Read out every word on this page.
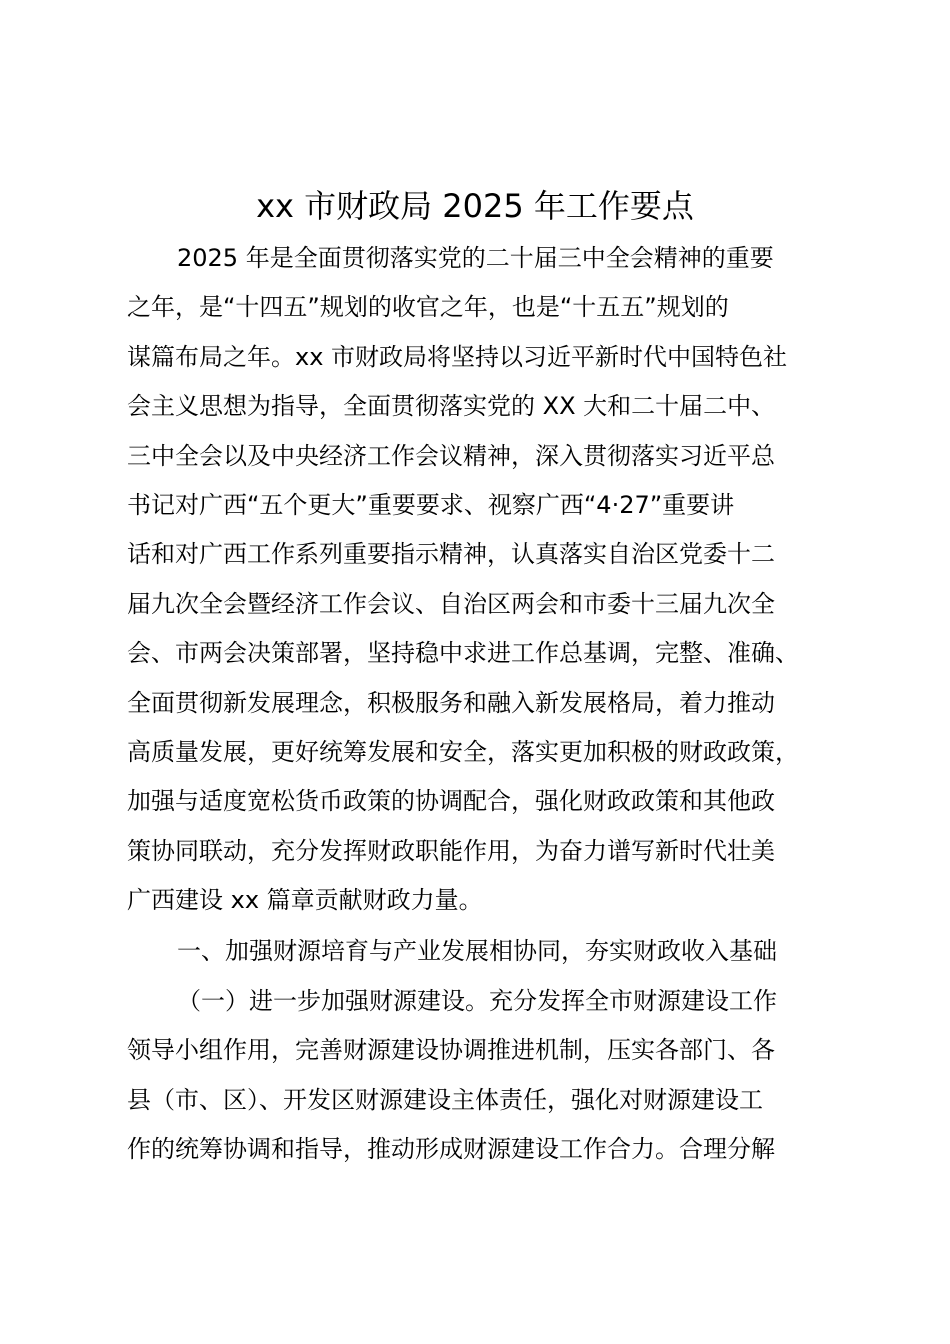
xx 市财政局 2025 年工作要点
2025 年是全面贯彻落实党的二十届三中全会精神的重要
之年，是“十四五”规划的收官之年，也是“十五五”规划的
谋篇布局之年。xx 市财政局将坚持以习近平新时代中国特色社
会主义思想为指导，全面贯彻落实党的 XX 大和二十届二中、
三中全会以及中央经济工作会议精神，深入贯彻落实习近平总
书记对广西“五个更大”重要要求、视察广西“4·27”重要讲
话和对广西工作系列重要指示精神，认真落实自治区党委十二
届九次全会暨经济工作会议、自治区两会和市委十三届九次全
会、市两会决策部署，坚持稳中求进工作总基调，完整、准确、
全面贯彻新发展理念，积极服务和融入新发展格局，着力推动
高质量发展，更好统筹发展和安全，落实更加积极的财政政策，
加强与适度宽松货币政策的协调配合，强化财政政策和其他政
策协同联动，充分发挥财政职能作用，为奋力谱写新时代壮美
广西建设 xx 篇章贡献财政力量。
一、加强财源培育与产业发展相协同，夯实财政收入基础
（一）进一步加强财源建设。充分发挥全市财源建设工作
领导小组作用，完善财源建设协调推进机制，压实各部门、各
县（市、区）、开发区财源建设主体责任，强化对财源建设工
作的统筹协调和指导，推动形成财源建设工作合力。合理分解
